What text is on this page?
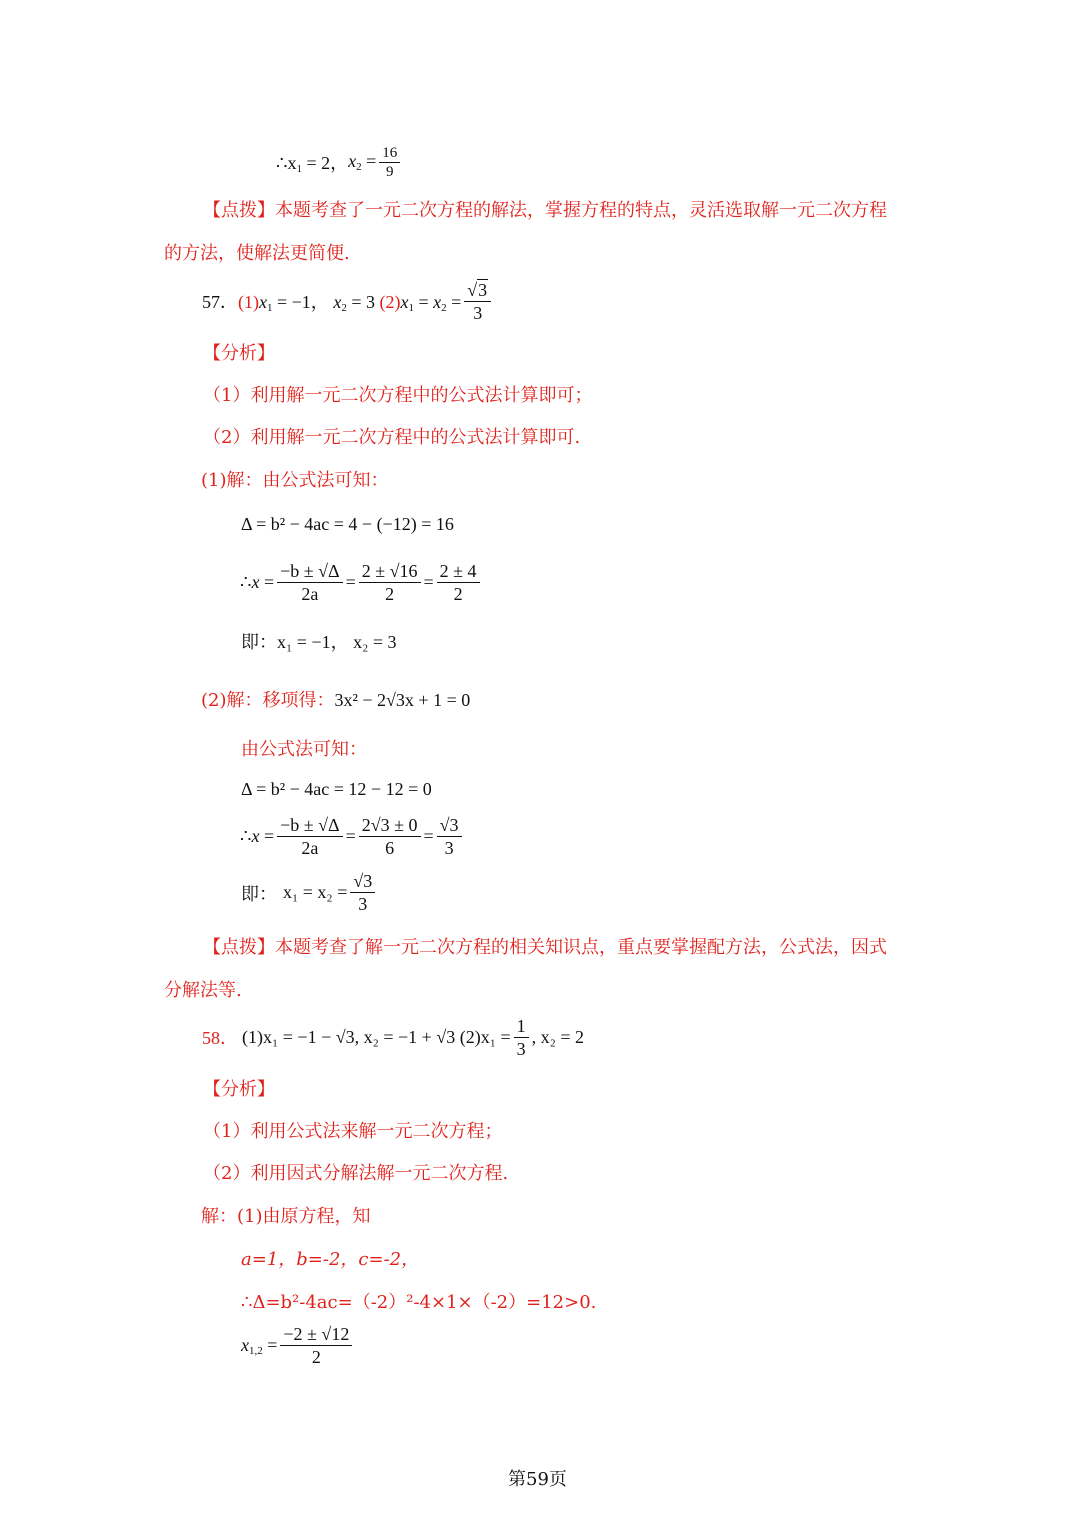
$\therefore x_1 = 2$， $x_2 = \frac{16}{9}$
【点拨】本题考查了一元二次方程的解法，掌握方程的特点，灵活选取解一元二次方程
的方法，使解法更简便.
57． $(1)x_1 = -1$， $x_2 = 3$ $(2)x_1 = x_2 = \frac{√3}{3}$
【分析】
（1）利用解一元二次方程中的公式法计算即可；
（2）利用解一元二次方程中的公式法计算即可.
(1)解：由公式法可知：
Δ = b² − 4ac = 4 − (−12) = 16
∴x = $\frac{-b \pm √\Delta}{2a} = \frac{2 \pm √16}{2} = \frac{2 \pm 4}{2}$
即：x₁ = −1， x₂ = 3
(2)解：移项得：3x² − 2√3x + 1 = 0
由公式法可知：
Δ = b² − 4ac = 12 − 12 = 0
∴x = $\frac{-b \pm √\Delta}{2a} = \frac{2√3 \pm 0}{6} = \frac{√3}{3}$
即： $x_1 = x_2 = \frac{√3}{3}$
【点拨】本题考查了解一元二次方程的相关知识点，重点要掌握配方法，公式法，因式
分解法等.
58． (1)x₁ = −1 − √3, x₂ = −1 + √3 $(2)x_1 = \frac{1}{3}$ , x₂ = 2
【分析】
（1）利用公式法来解一元二次方程；
（2）利用因式分解法解一元二次方程.
解：(1)由原方程，知
a=1，b=-2，c=-2，
∴Δ=b²-4ac=（-2）²-4×1×（-2）=12>0.
$x_{1,2} = \frac{-2 \pm √12}{2}$
第59页
